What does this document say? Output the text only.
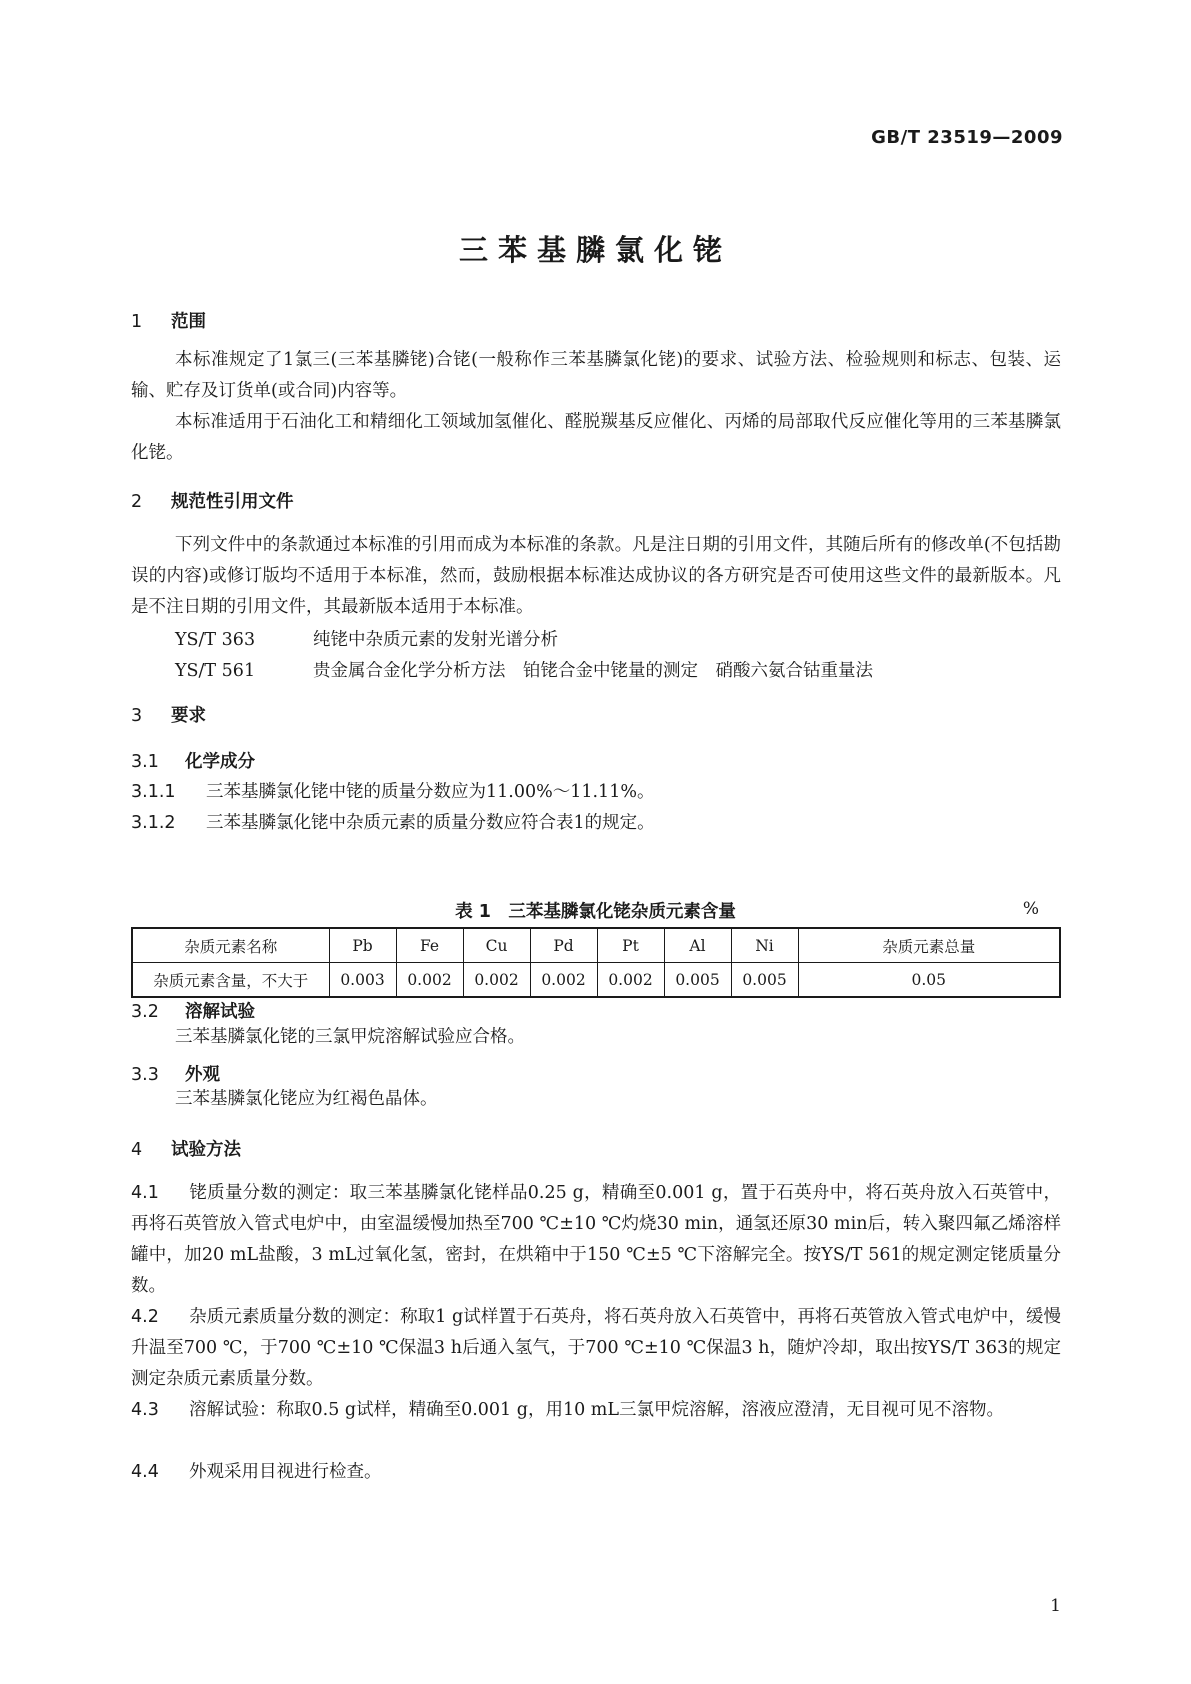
GB/T 23519—2009
三苯基膦氯化铑
1 范围
本标准规定了1氯三(三苯基膦铑)合铑(一般称作三苯基膦氯化铑)的要求、试验方法、检验规则和标志、包装、运输、贮存及订货单(或合同)内容等。
本标准适用于石油化工和精细化工领域加氢催化、醛脱羰基反应催化、丙烯的局部取代反应催化等用的三苯基膦氯化铑。
2 规范性引用文件
下列文件中的条款通过本标准的引用而成为本标准的条款。凡是注日期的引用文件，其随后所有的修改单(不包括勘误的内容)或修订版均不适用于本标准，然而，鼓励根据本标准达成协议的各方研究是否可使用这些文件的最新版本。凡是不注日期的引用文件，其最新版本适用于本标准。
YS/T 363	纯铑中杂质元素的发射光谱分析
YS/T 561	贵金属合金化学分析方法　铂铑合金中铑量的测定　硝酸六氨合钴重量法
3 要求
3.1 化学成分
3.1.1 三苯基膦氯化铑中铑的质量分数应为11.00%～11.11%。
3.1.2 三苯基膦氯化铑中杂质元素的质量分数应符合表1的规定。
表 1　三苯基膦氯化铑杂质元素含量	%
杂质元素名称	Pb	Fe	Cu	Pd	Pt	Al	Ni	杂质元素总量
杂质元素含量，不大于	0.003	0.002	0.002	0.002	0.002	0.005	0.005	0.05
3.2 溶解试验
三苯基膦氯化铑的三氯甲烷溶解试验应合格。
3.3 外观
三苯基膦氯化铑应为红褐色晶体。
4 试验方法
4.1 铑质量分数的测定：取三苯基膦氯化铑样品0.25 g，精确至0.001 g，置于石英舟中，将石英舟放入石英管中，再将石英管放入管式电炉中，由室温缓慢加热至700 ℃±10 ℃灼烧30 min，通氢还原30 min后，转入聚四氟乙烯溶样罐中，加20 mL盐酸，3 mL过氧化氢，密封，在烘箱中于150 ℃±5 ℃下溶解完全。按YS/T 561的规定测定铑质量分数。
4.2 杂质元素质量分数的测定：称取1 g试样置于石英舟，将石英舟放入石英管中，再将石英管放入管式电炉中，缓慢升温至700 ℃，于700 ℃±10 ℃保温3 h后通入氢气，于700 ℃±10 ℃保温3 h，随炉冷却，取出按YS/T 363的规定测定杂质元素质量分数。
4.3 溶解试验：称取0.5 g试样，精确至0.001 g，用10 mL三氯甲烷溶解，溶液应澄清，无目视可见不溶物。
4.4 外观采用目视进行检查。
1
